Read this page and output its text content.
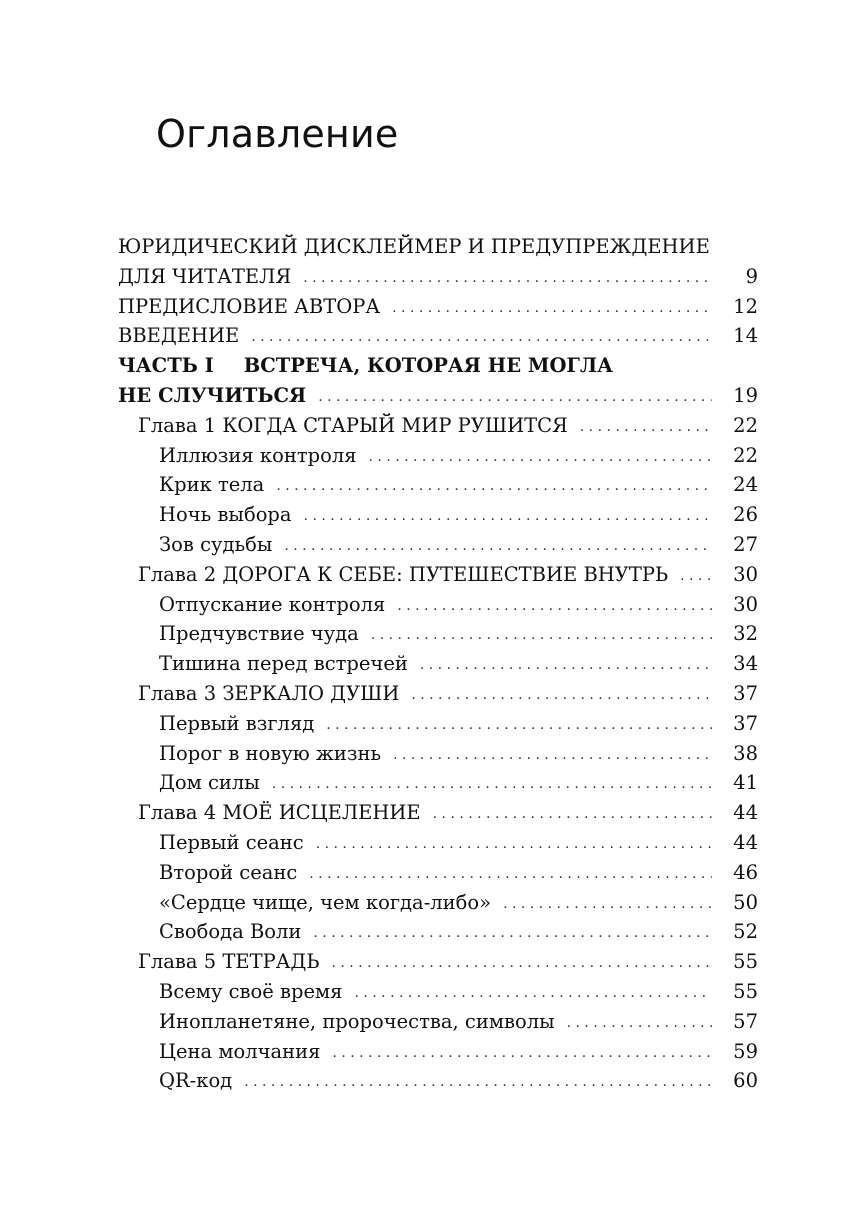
Оглавление
ЮРИДИЧЕСКИЙ ДИСКЛЕЙМЕР И ПРЕДУПРЕЖДЕНИЕ
ДЛЯ ЧИТАТЕЛЯ . . .	9
ПРЕДИСЛОВИЕ АВТОРА . . .	12
ВВЕДЕНИЕ . . .	14
ЧАСТЬ I ВСТРЕЧА, КОТОРАЯ НЕ МОГЛА
НЕ СЛУЧИТЬСЯ . . .	19
Глава 1 КОГДА СТАРЫЙ МИР РУШИТСЯ . . .	22
Иллюзия контроля . . .	22
Крик тела . . .	24
Ночь выбора . . .	26
Зов судьбы . . .	27
Глава 2 ДОРОГА К СЕБЕ: ПУТЕШЕСТВИЕ ВНУТРЬ . . .	30
Отпускание контроля . . .	30
Предчувствие чуда . . .	32
Тишина перед встречей . . .	34
Глава 3 ЗЕРКАЛО ДУШИ . . .	37
Первый взгляд . . .	37
Порог в новую жизнь . . .	38
Дом силы . . .	41
Глава 4 МОЁ ИСЦЕЛЕНИЕ . . .	44
Первый сеанс . . .	44
Второй сеанс . . .	46
«Сердце чище, чем когда-либо» . . .	50
Свобода Воли . . .	52
Глава 5 ТЕТРАДЬ . . .	55
Всему своё время . . .	55
Инопланетяне, пророчества, символы . . .	57
Цена молчания . . .	59
QR-код . . .	60
